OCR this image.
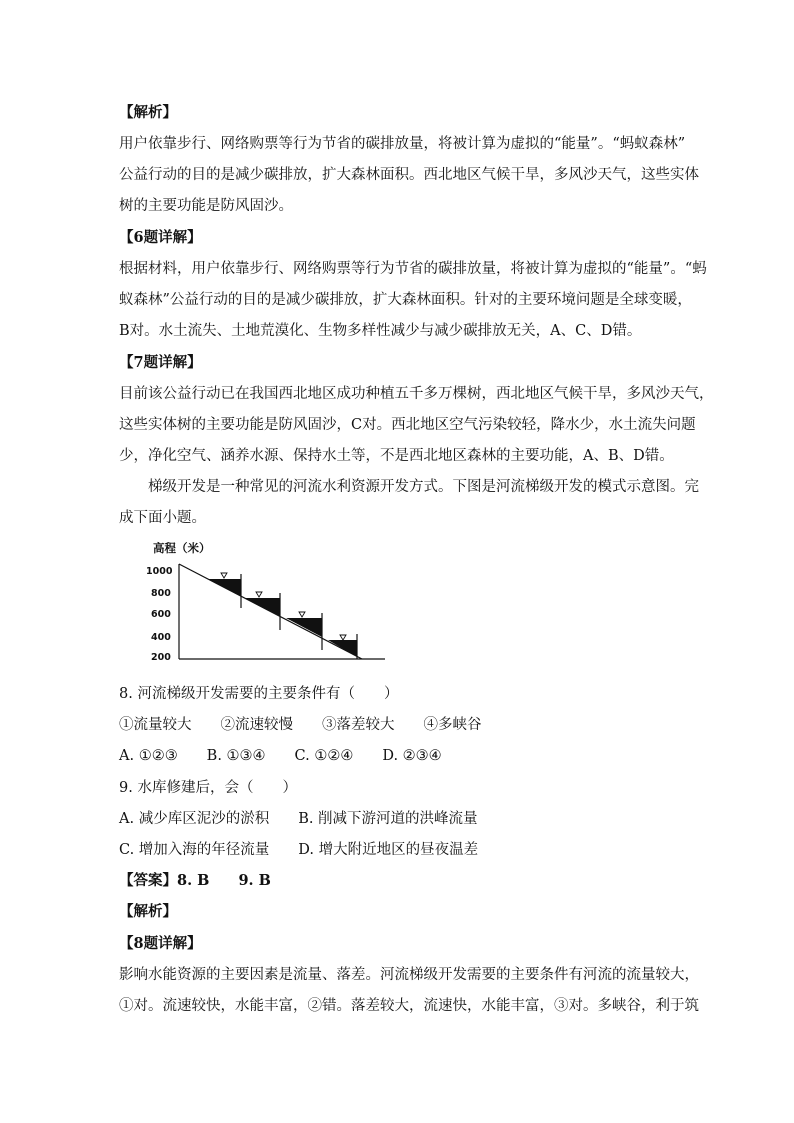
【解析】
用户依靠步行、网络购票等行为节省的碳排放量，将被计算为虚拟的“能量”。“蚂蚁森林”
公益行动的目的是减少碳排放，扩大森林面积。西北地区气候干旱，多风沙天气，这些实体
树的主要功能是防风固沙。
【6题详解】
根据材料，用户依靠步行、网络购票等行为节省的碳排放量，将被计算为虚拟的“能量”。“蚂
蚁森林”公益行动的目的是减少碳排放，扩大森林面积。针对的主要环境问题是全球变暖，
B对。水土流失、土地荒漠化、生物多样性减少与减少碳排放无关，A、C、D错。
【7题详解】
目前该公益行动已在我国西北地区成功种植五千多万棵树，西北地区气候干旱，多风沙天气，
这些实体树的主要功能是防风固沙，C对。西北地区空气污染较轻，降水少，水土流失问题
少，净化空气、涵养水源、保持水土等，不是西北地区森林的主要功能，A、B、D错。
梯级开发是一种常见的河流水利资源开发方式。下图是河流梯级开发的模式示意图。完
成下面小题。
高程（米）
1000
800
600
400
200
8. 河流梯级开发需要的主要条件有（　　）
①流量较大　　②流速较慢　　③落差较大　　④多峡谷
A. ①②③　　B. ①③④　　C. ①②④　　D. ②③④
9. 水库修建后，会（　　）
A. 减少库区泥沙的淤积　　B. 削减下游河道的洪峰流量
C. 增加入海的年径流量　　D. 增大附近地区的昼夜温差
【答案】8. B　　9. B
【解析】
【8题详解】
影响水能资源的主要因素是流量、落差。河流梯级开发需要的主要条件有河流的流量较大，
①对。流速较快，水能丰富，②错。落差较大，流速快，水能丰富，③对。多峡谷，利于筑
